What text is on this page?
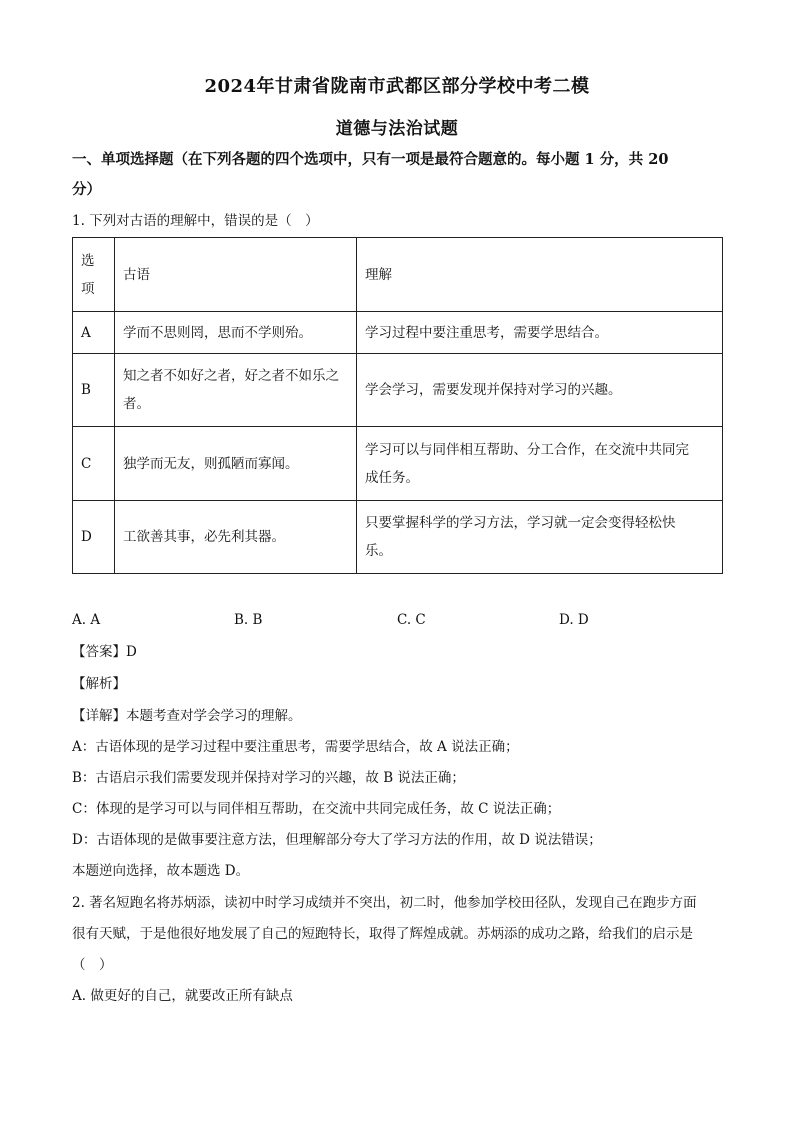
2024年甘肃省陇南市武都区部分学校中考二模
道德与法治试题
一、单项选择题（在下列各题的四个选项中，只有一项是最符合题意的。每小题 1 分，共 20
分）
1. 下列对古语的理解中，错误的是（　）
选
项	古语	理解
A	学而不思则罔，思而不学则殆。	学习过程中要注重思考，需要学思结合。
B	知之者不如好之者，好之者不如乐之
者。	学会学习，需要发现并保持对学习的兴趣。
C	独学而无友，则孤陋而寡闻。	学习可以与同伴相互帮助、分工合作，在交流中共同完
成任务。
D	工欲善其事，必先利其器。	只要掌握科学的学习方法，学习就一定会变得轻松快
乐。
A. A	B. B	C. C	D. D
【答案】D
【解析】
【详解】本题考查对学会学习的理解。
A：古语体现的是学习过程中要注重思考，需要学思结合，故 A 说法正确；
B：古语启示我们需要发现并保持对学习的兴趣，故 B 说法正确；
C：体现的是学习可以与同伴相互帮助，在交流中共同完成任务，故 C 说法正确；
D：古语体现的是做事要注意方法，但理解部分夸大了学习方法的作用，故 D 说法错误；
本题逆向选择，故本题选 D。
2. 著名短跑名将苏炳添，读初中时学习成绩并不突出，初二时，他参加学校田径队，发现自己在跑步方面
很有天赋，于是他很好地发展了自己的短跑特长，取得了辉煌成就。苏炳添的成功之路，给我们的启示是
（　）
A. 做更好的自己，就要改正所有缺点
